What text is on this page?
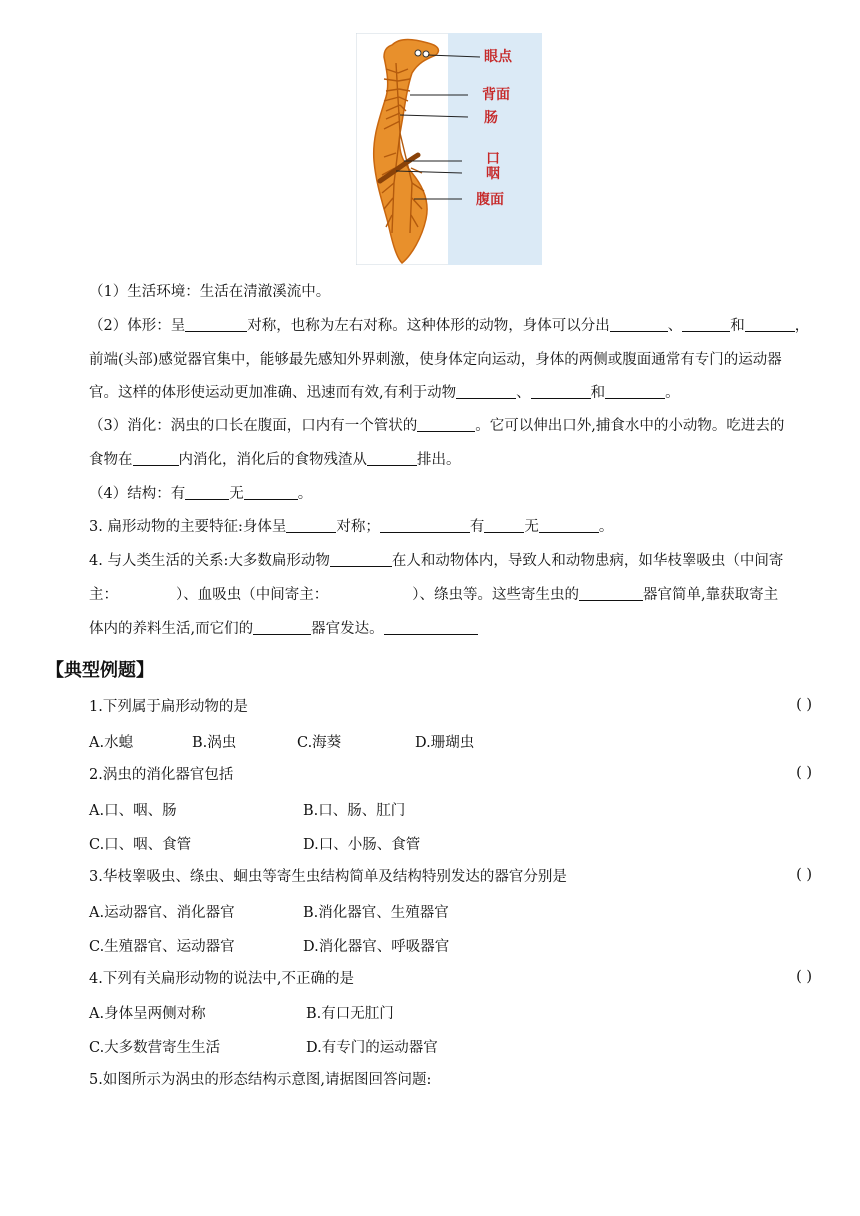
眼点
背面
肠
口
咽
腹面
（1）生活环境：生活在清澈溪流中。
（2）体形：呈	对称，也称为左右对称。这种体形的动物，身体可以分出	、	和	，
前端(头部)感觉器官集中，能够最先感知外界刺激，使身体定向运动，身体的两侧或腹面通常有专门的运动器
官。这样的体形使运动更加准确、迅速而有效,有利于动物	、	和	。
（3）消化：涡虫的口长在腹面，口内有一个管状的	。它可以伸出口外,捕食水中的小动物。吃进去的
食物在	内消化，消化后的食物残渣从	排出。
（4）结构：有	无	。
3. 扁形动物的主要特征:身体呈	对称；	有	无	。
4. 与人类生活的关系:大多数扁形动物	在人和动物体内，导致人和动物患病，如华枝睾吸虫（中间寄
主：	）、血吸虫（中间寄主：	）、绦虫等。这些寄生虫的	器官简单,靠获取寄主
体内的养料生活,而它们的	器官发达。
【典型例题】
1.下列属于扁形动物的是	( )
A.水螅	B.涡虫	C.海葵	D.珊瑚虫
2.涡虫的消化器官包括	( )
A.口、咽、肠	B.口、肠、肛门
C.口、咽、食管	D.口、小肠、食管
3.华枝睾吸虫、绦虫、蛔虫等寄生虫结构简单及结构特别发达的器官分别是	( )
A.运动器官、消化器官	B.消化器官、生殖器官
C.生殖器官、运动器官	D.消化器官、呼吸器官
4.下列有关扁形动物的说法中,不正确的是	( )
A.身体呈两侧对称	B.有口无肛门
C.大多数营寄生生活	D.有专门的运动器官
5.如图所示为涡虫的形态结构示意图,请据图回答问题:
